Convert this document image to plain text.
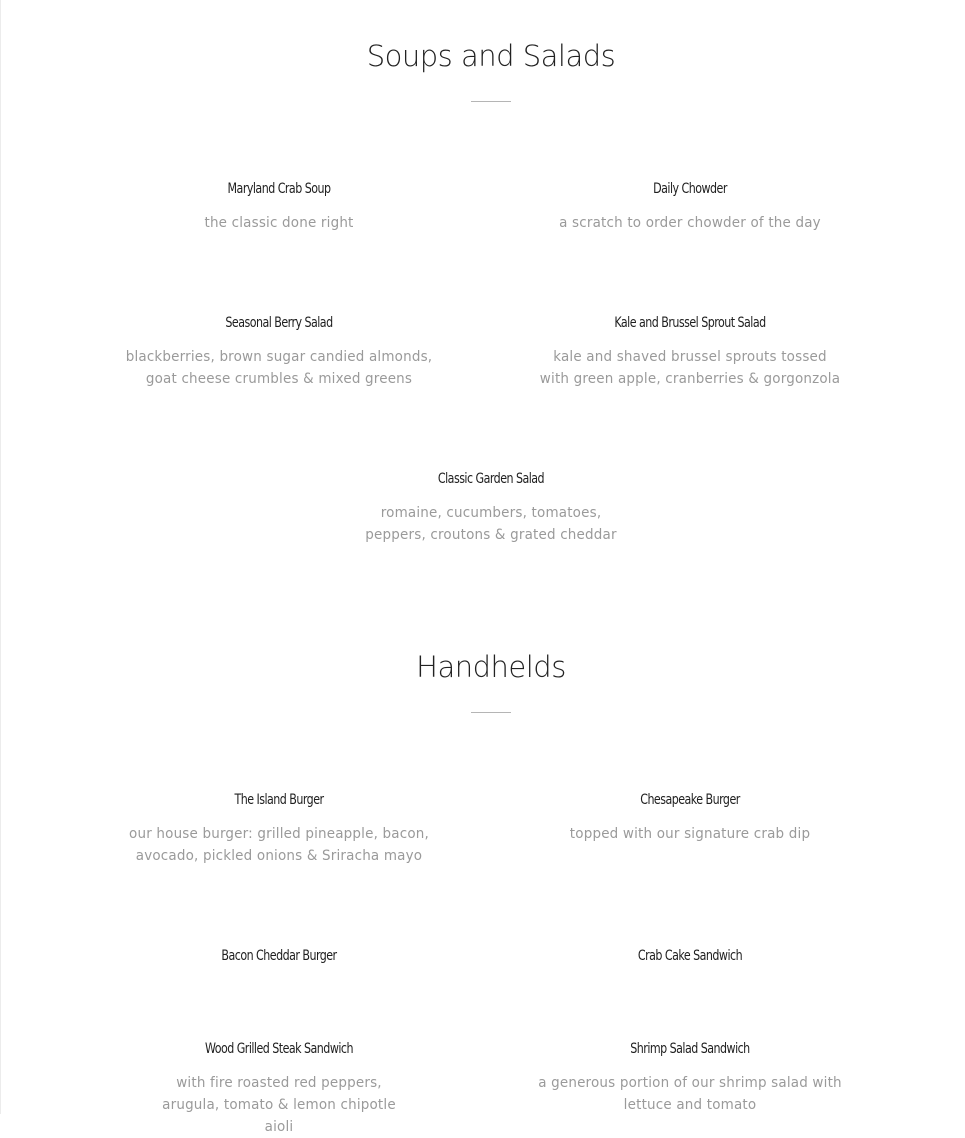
Soups and Salads
Maryland Crab Soup
the classic done right
Daily Chowder
a scratch to order chowder of the day
Seasonal Berry Salad
blackberries, brown sugar candied almonds, goat cheese crumbles & mixed greens
Kale and Brussel Sprout Salad
kale and shaved brussel sprouts tossed with green apple, cranberries & gorgonzola
Classic Garden Salad
romaine, cucumbers, tomatoes, peppers, croutons & grated cheddar
Handhelds
The Island Burger
our house burger: grilled pineapple, bacon, avocado, pickled onions & Sriracha mayo
Chesapeake Burger
topped with our signature crab dip
Bacon Cheddar Burger	Crab Cake Sandwich
Wood Grilled Steak Sandwich
with fire roasted red peppers, arugula, tomato & lemon chipotle aioli
Shrimp Salad Sandwich
a generous portion of our shrimp salad with lettuce and tomato
